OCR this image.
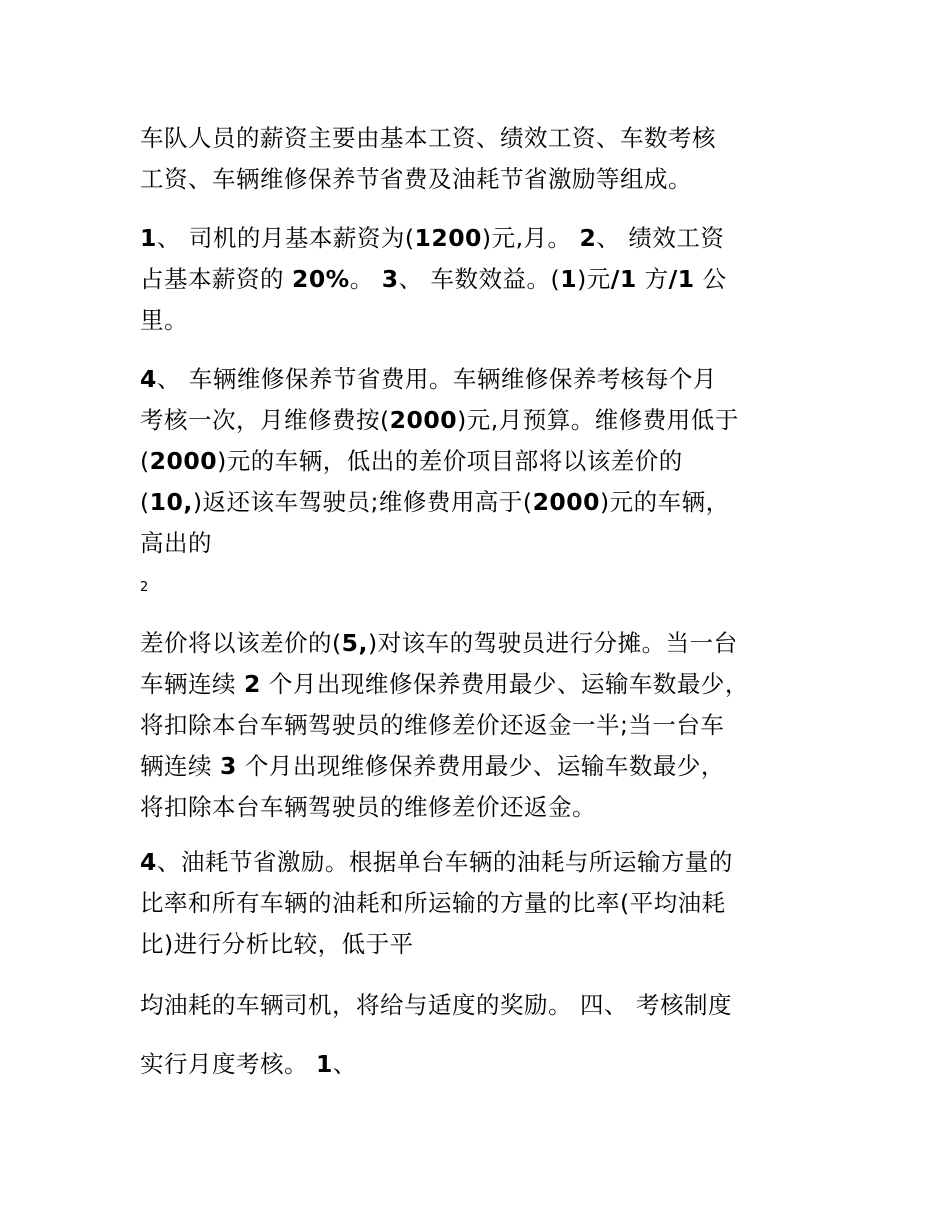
车队人员的薪资主要由基本工资、绩效工资、车数考核
工资、车辆维修保养节省费及油耗节省激励等组成。

1、 司机的月基本薪资为(1200)元,月。 2、 绩效工资
占基本薪资的 20%。 3、 车数效益。(1)元/1 方/1 公
里。

4、 车辆维修保养节省费用。车辆维修保养考核每个月
考核一次，月维修费按(2000)元,月预算。维修费用低于
(2000)元的车辆，低出的差价项目部将以该差价的
(10,)返还该车驾驶员;维修费用高于(2000)元的车辆，
高出的

2

差价将以该差价的(5,)对该车的驾驶员进行分摊。当一台
车辆连续 2 个月出现维修保养费用最少、运输车数最少，
将扣除本台车辆驾驶员的维修差价还返金一半;当一台车
辆连续 3 个月出现维修保养费用最少、运输车数最少，
将扣除本台车辆驾驶员的维修差价还返金。

4、油耗节省激励。根据单台车辆的油耗与所运输方量的
比率和所有车辆的油耗和所运输的方量的比率(平均油耗
比)进行分析比较，低于平

均油耗的车辆司机，将给与适度的奖励。 四、 考核制度

实行月度考核。 1、
